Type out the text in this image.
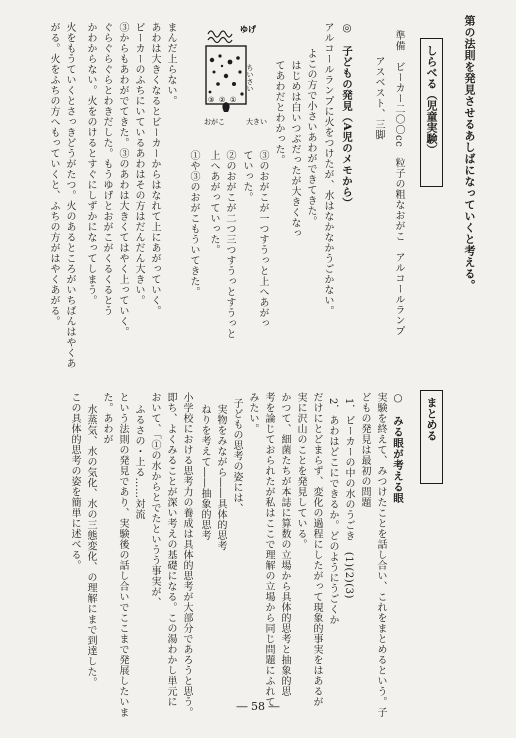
第の法則を発見させるあしばになっていくと考える。
しらべる（児童実験）
準備　ビーカー二〇〇cc　粒子の粗なおがこ　アルコールランプ
アスベスト、三脚
◎　子どもの発見（A児のメモから）
アルコールランプに火をつけたが、水はなかなかうごかない。
よこの方で小さいあわができてきた。
はじめは白いつぶだったが大きくなっ
てあわだとわかった。
③のおがこが一つすうっと上へあがっ
ていった。
②のおがこが二つ三つすうっとすうっと
上へあがっていった。
①や③のおがこもういてきた。
まんだ上らない。
あわは大きくなるとビーカーからはなれて上にあがっていく。
ビーカーのふちにいているあわはその方はだんだん大きい。
③からもあわがでてきた。③のあわは大きくてはやく上っていく。
ぐらぐらぐらとわきだした。もうゆげとおがこがくるくるとう
かわからない。火をのけるとすぐにしずかになってしまう。
火をもうていくとさっきどうがたつ。火のあるところがいちばんはやくあ
がる。火をふちの方へもっていくと、ふちの方がはやくあがる。	ゆげ
ちいさい
大きい
おがこ
③ ② ①
まとめる
○　みる眼が考える眼
実験を終えて、みつけたことを話し合い、これをまとめるという。子
どもの発見は最初の問題
1．ビーカーの中の水のうごき　(1)(2)(3)
2．あわはどこにできるか。どのようにうごくか
だけにとどまらず、変化の過程にしたがって現象的事実をはあるが
実に沢山のことを発見している。
かつて、細菌たちが本誌に算数の立場から具体的思考と抽象的思
考を論じておられたが私はここで理解の立場から同じ問題にふれて
みたい。
子どもの思考の姿には、
実物をみながら――具体的思考
ねりを考えて――抽象的思考
小学校における思考力の養成は具体的思考が大部分であろうと思う。
即ち、よくみることが深い考えの基礎になる。この湯わかし単元に
おいて、「①の水からとでたというう事実が、
ふるさの・上る……対流
という法則の発見であり、実験後の話し合いでここまで発展したいま
た。あわが
水蒸気、水の気化、水の三態変化、の理解にまで到達した。
この具体的思考の姿を簡単に述べる。
― 58 ―
